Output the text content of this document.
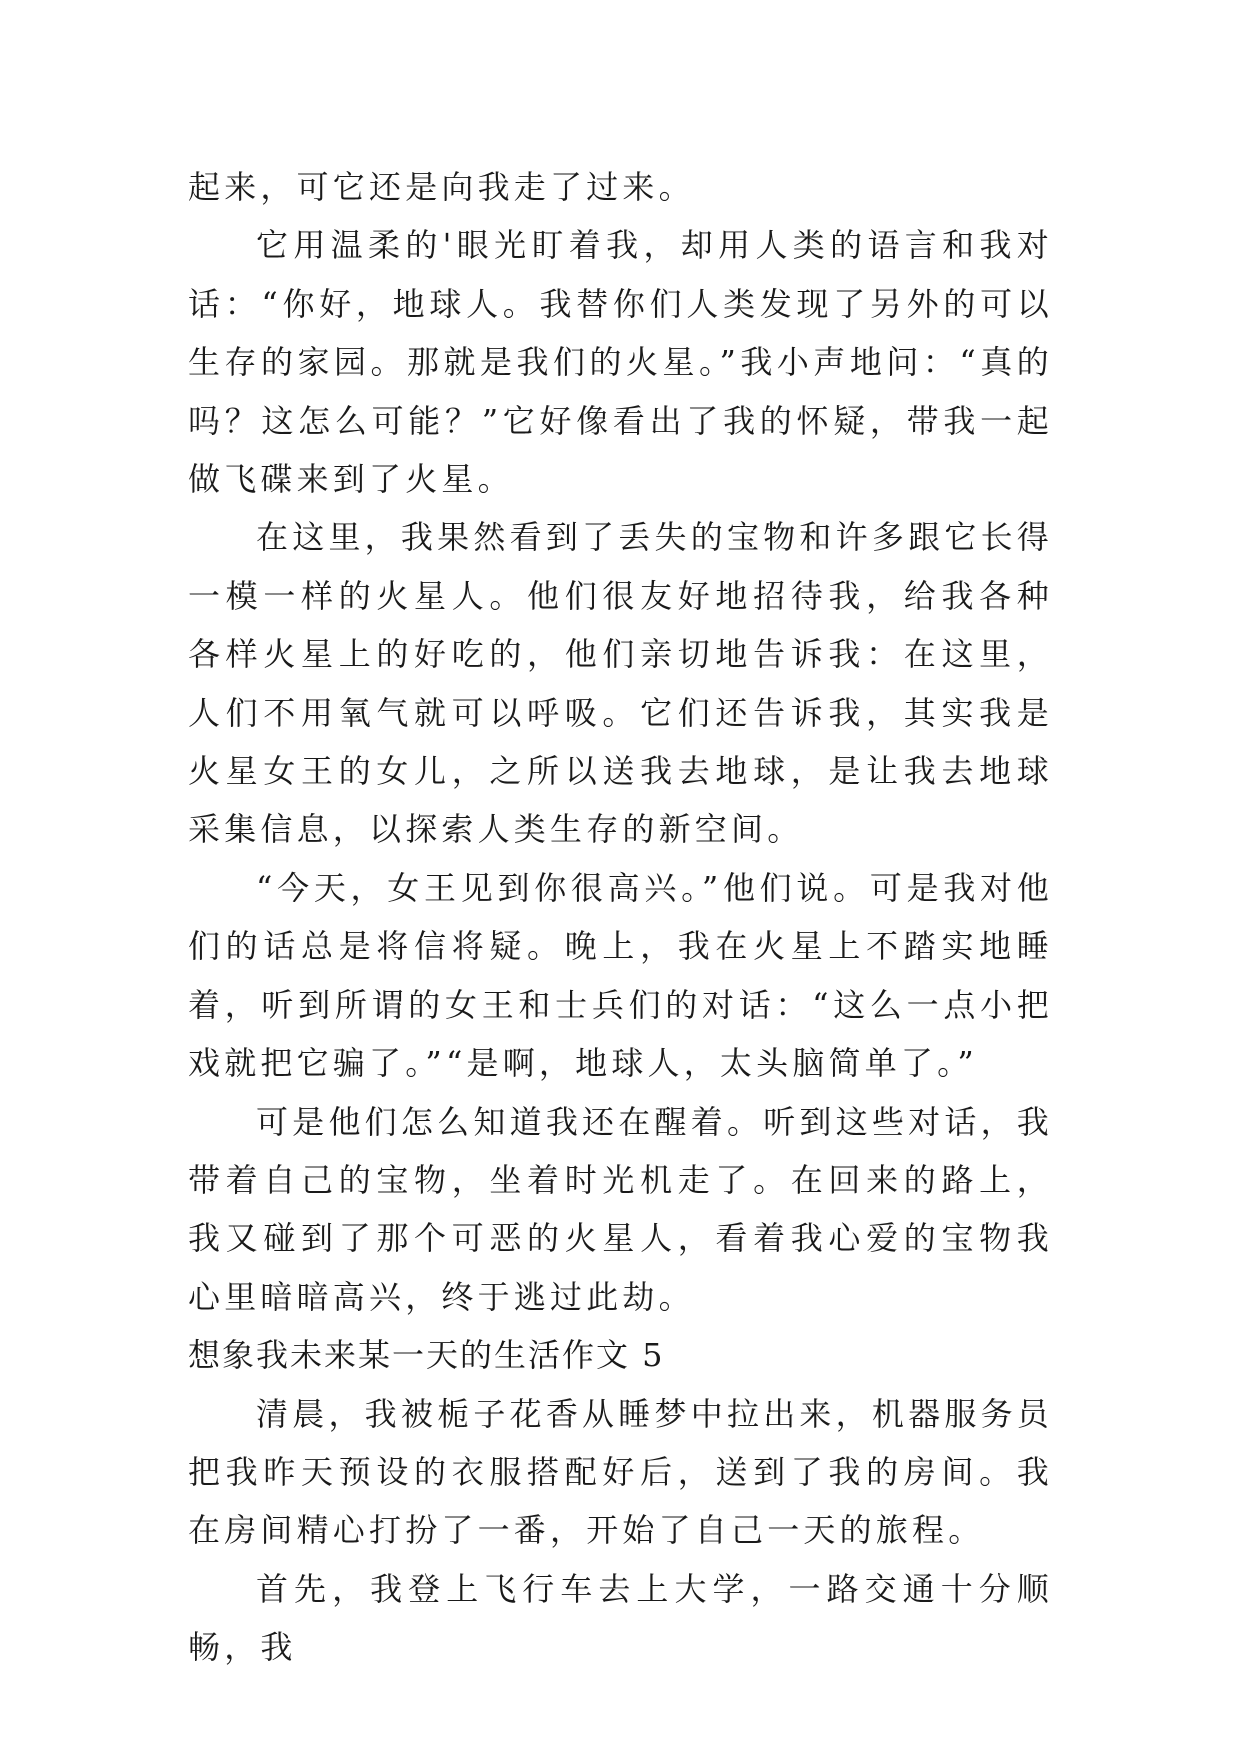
起来，可它还是向我走了过来。

它用温柔的'眼光盯着我，却用人类的语言和我对话：“你好，地球人。我替你们人类发现了另外的可以生存的家园。那就是我们的火星。”我小声地问：“真的吗？这怎么可能？”它好像看出了我的怀疑，带我一起做飞碟来到了火星。

在这里，我果然看到了丢失的宝物和许多跟它长得一模一样的火星人。他们很友好地招待我，给我各种各样火星上的好吃的，他们亲切地告诉我：在这里，人们不用氧气就可以呼吸。它们还告诉我，其实我是火星女王的女儿，之所以送我去地球，是让我去地球采集信息，以探索人类生存的新空间。

“今天，女王见到你很高兴。”他们说。可是我对他们的话总是将信将疑。晚上，我在火星上不踏实地睡着，听到所谓的女王和士兵们的对话：“这么一点小把戏就把它骗了。”“是啊，地球人，太头脑简单了。”

可是他们怎么知道我还在醒着。听到这些对话，我带着自己的宝物，坐着时光机走了。在回来的路上，我又碰到了那个可恶的火星人，看着我心爱的宝物我心里暗暗高兴，终于逃过此劫。

想象我未来某一天的生活作文 5

清晨，我被栀子花香从睡梦中拉出来，机器服务员把我昨天预设的衣服搭配好后，送到了我的房间。我在房间精心打扮了一番，开始了自己一天的旅程。

首先，我登上飞行车去上大学，一路交通十分顺畅，我
